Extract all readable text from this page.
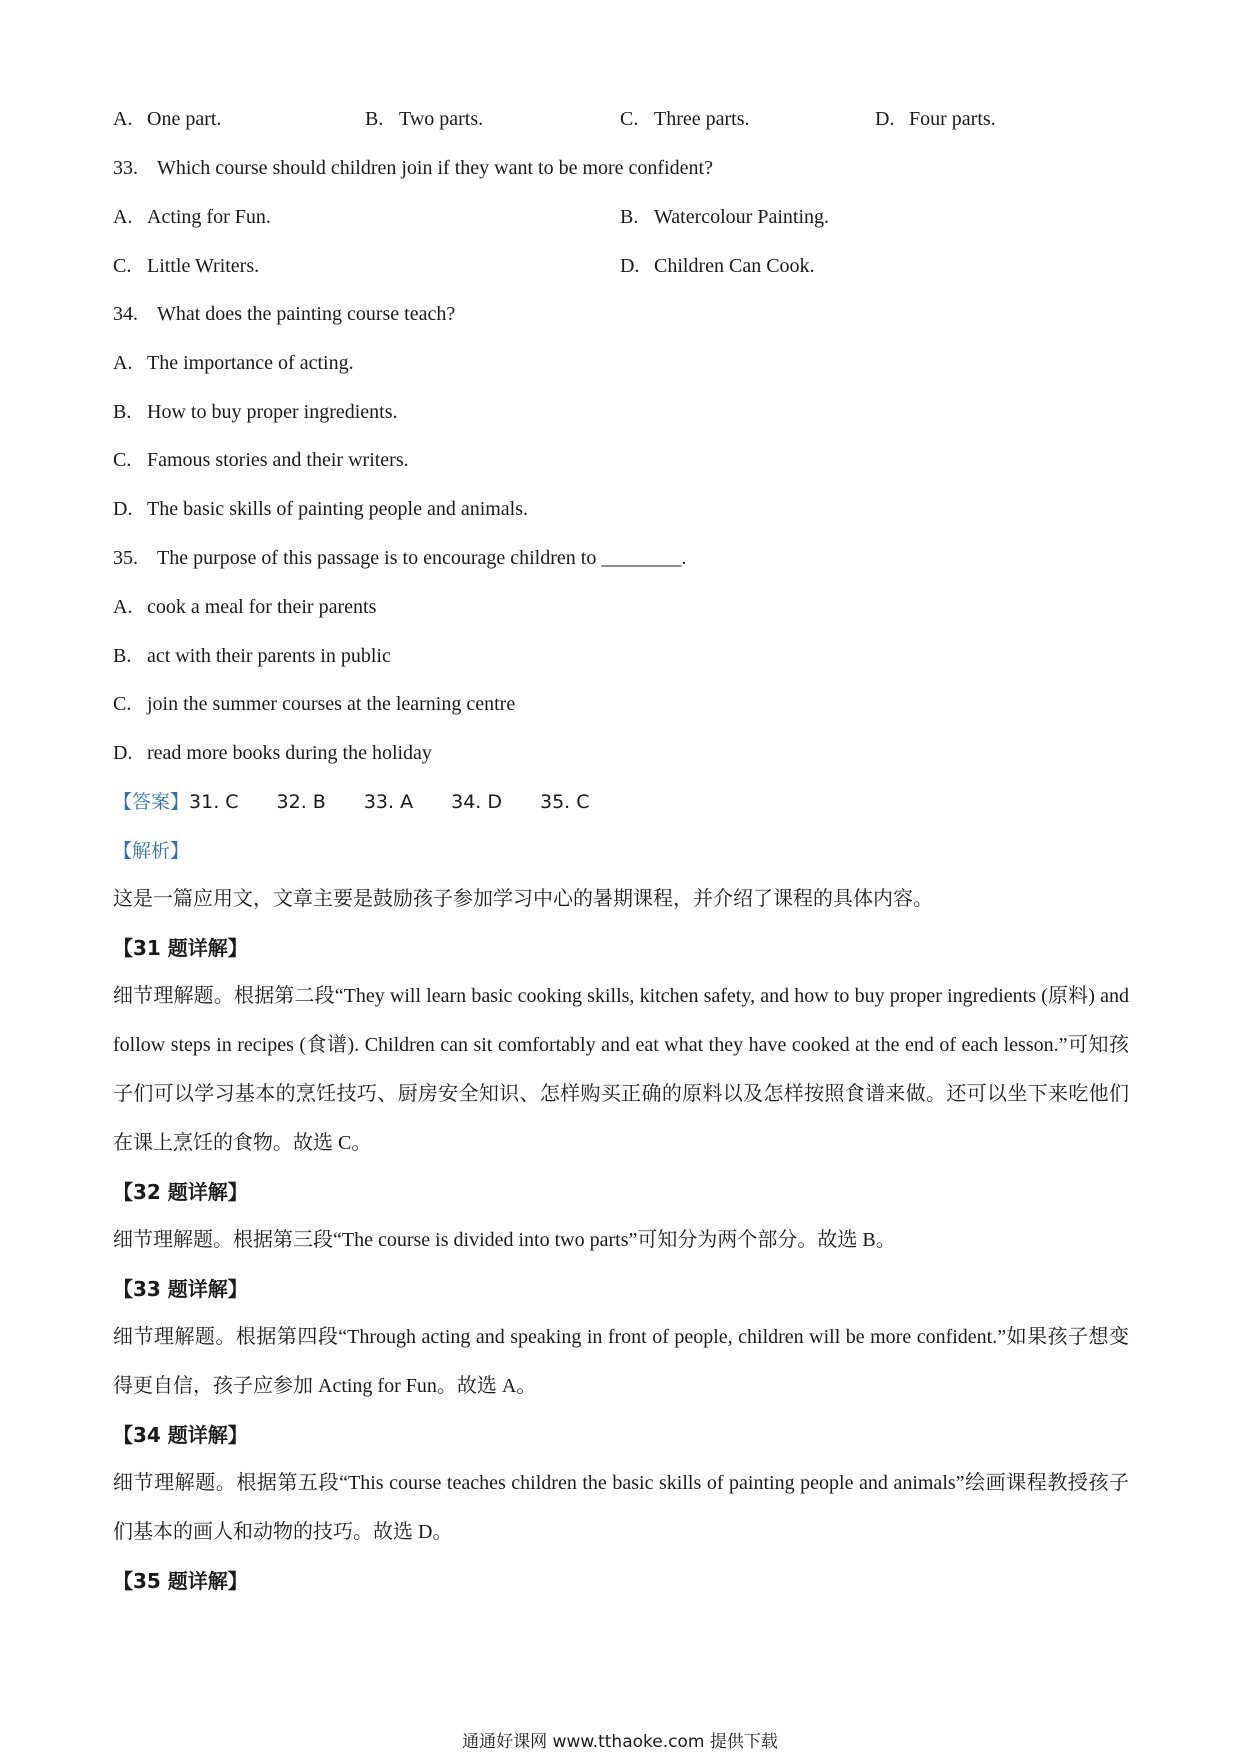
A. One part.	B. Two parts.	C. Three parts.	D. Four parts.
33. Which course should children join if they want to be more confident?
A. Acting for Fun.	B. Watercolour Painting.
C. Little Writers.	D. Children Can Cook.
34. What does the painting course teach?
A. The importance of acting.
B. How to buy proper ingredients.
C. Famous stories and their writers.
D. The basic skills of painting people and animals.
35. The purpose of this passage is to encourage children to ________.
A. cook a meal for their parents
B. act with their parents in public
C. join the summer courses at the learning centre
D. read more books during the holiday
【答案】31. C 32. B 33. A 34. D 35. C
【解析】
这是一篇应用文，文章主要是鼓励孩子参加学习中心的暑期课程，并介绍了课程的具体内容。
【31 题详解】
细节理解题。根据第二段“They will learn basic cooking skills, kitchen safety, and how to buy proper ingredients (原料) and follow steps in recipes (食谱). Children can sit comfortably and eat what they have cooked at the end of each lesson.”可知孩子们可以学习基本的烹饪技巧、厨房安全知识、怎样购买正确的原料以及怎样按照食谱来做。还可以坐下来吃他们在课上烹饪的食物。故选 C。
【32 题详解】
细节理解题。根据第三段“The course is divided into two parts”可知分为两个部分。故选 B。
【33 题详解】
细节理解题。根据第四段“Through acting and speaking in front of people, children will be more confident.”如果孩子想变得更自信，孩子应参加 Acting for Fun。故选 A。
【34 题详解】
细节理解题。根据第五段“This course teaches children the basic skills of painting people and animals”绘画课程教授孩子们基本的画人和动物的技巧。故选 D。
【35 题详解】
通通好课网 www.tthaoke.com 提供下载
